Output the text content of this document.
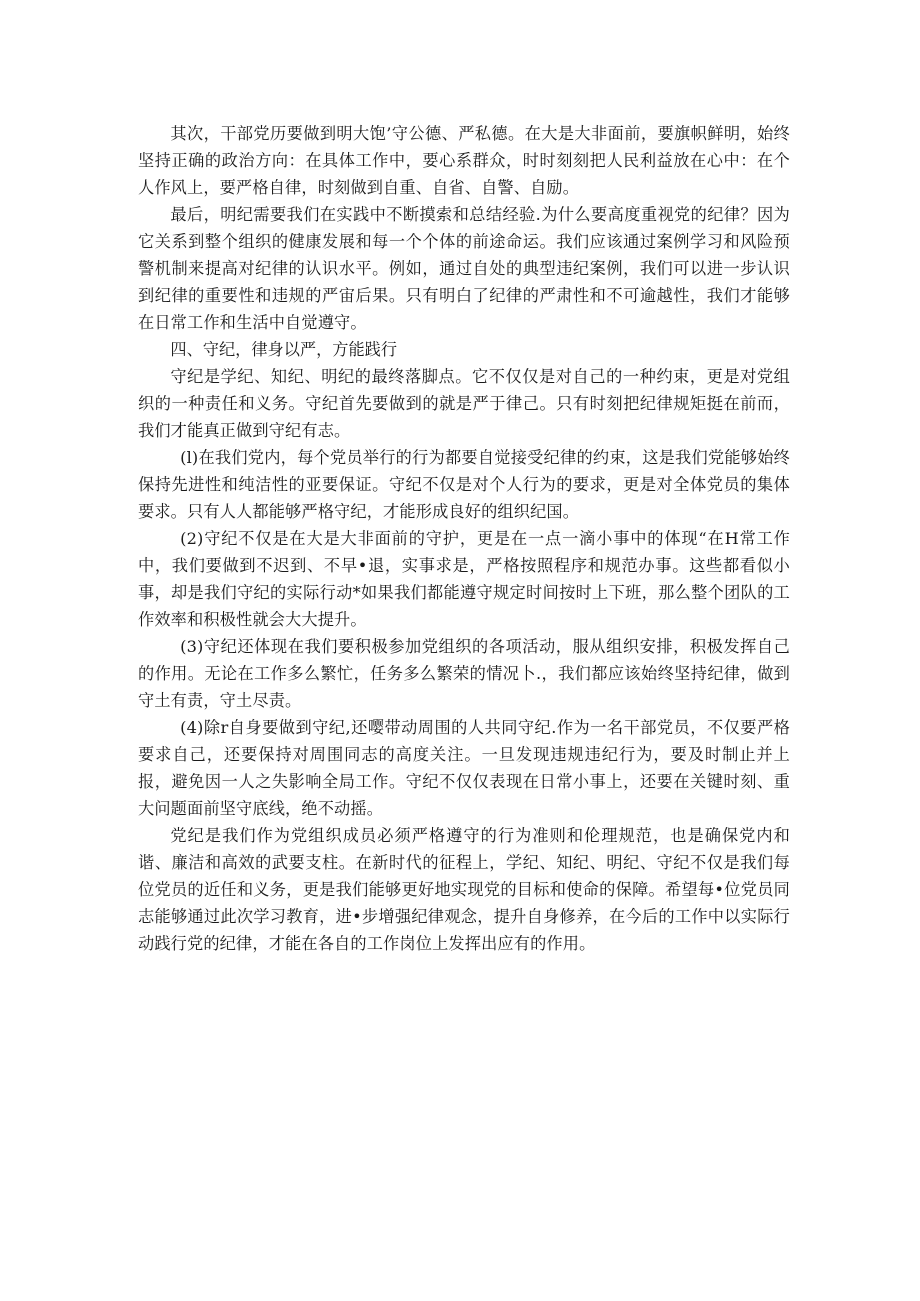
其次，干部党历要做到明大饱’守公德、严私德。在大是大非面前，要旗帜鲜明，始终坚持正确的政治方向：在具体工作中，要心系群众，时时刻刻把人民利益放在心中：在个人作风上，要严格自律，时刻做到自重、自省、自警、自励。

最后，明纪需要我们在实践中不断摸索和总结经验.为什么要高度重视党的纪律？因为它关系到整个组织的健康发展和每一个个体的前途命运。我们应该通过案例学习和风险预警机制来提高对纪律的认识水平。例如，通过自处的典型违纪案例，我们可以进一步认识到纪律的重要性和违规的严宙后果。只有明白了纪律的严肃性和不可逾越性，我们才能够在日常工作和生活中自觉遵守。

四、守纪，律身以严，方能践行

守纪是学纪、知纪、明纪的最终落脚点。它不仅仅是对自己的一种约束，更是对党组织的一种责任和义务。守纪首先要做到的就是严于律己。只有时刻把纪律规矩挺在前而，我们才能真正做到守纪有志。

(l)在我们党内，每个党员举行的行为都要自觉接受纪律的约束，这是我们党能够始终保持先进性和纯洁性的亚要保证。守纪不仅是对个人行为的要求，更是对全体党员的集体要求。只有人人都能够严格守纪，才能形成良好的组织纪国。

(2)守纪不仅是在大是大非面前的守护，更是在一点一滴小事中的体现“在H常工作中，我们要做到不迟到、不早•退，实事求是，严格按照程序和规范办事。这些都看似小事，却是我们守纪的实际行动*如果我们都能遵守规定时间按时上下班，那么整个团队的工作效率和积极性就会大大提升。

(3)守纪还体现在我们要积极参加党组织的各项活动，服从组织安排，积极发挥自己的作用。无论在工作多么繁忙，任务多么繁荣的情况卜.，我们都应该始终坚持纪律，做到守土有责，守土尽责。

(4)除r自身要做到守纪,还嘤带动周围的人共同守纪.作为一名干部党员，不仅要严格要求自己，还要保持对周围同志的高度关注。一旦发现违规违纪行为，要及时制止并上报，避免因一人之失影响全局工作。守纪不仅仅表现在日常小事上，还要在关键时刻、重大问题面前坚守底线，绝不动摇。

党纪是我们作为党组织成员必须严格遵守的行为准则和伦理规范，也是确保党内和谐、廉洁和高效的武要支柱。在新时代的征程上，学纪、知纪、明纪、守纪不仅是我们每位党员的近任和义务，更是我们能够更好地实现党的目标和使命的保障。希望每•位党员同志能够通过此次学习教育，进•步增强纪律观念，提升自身修养，在今后的工作中以实际行动践行党的纪律，才能在各自的工作岗位上发挥出应有的作用。
